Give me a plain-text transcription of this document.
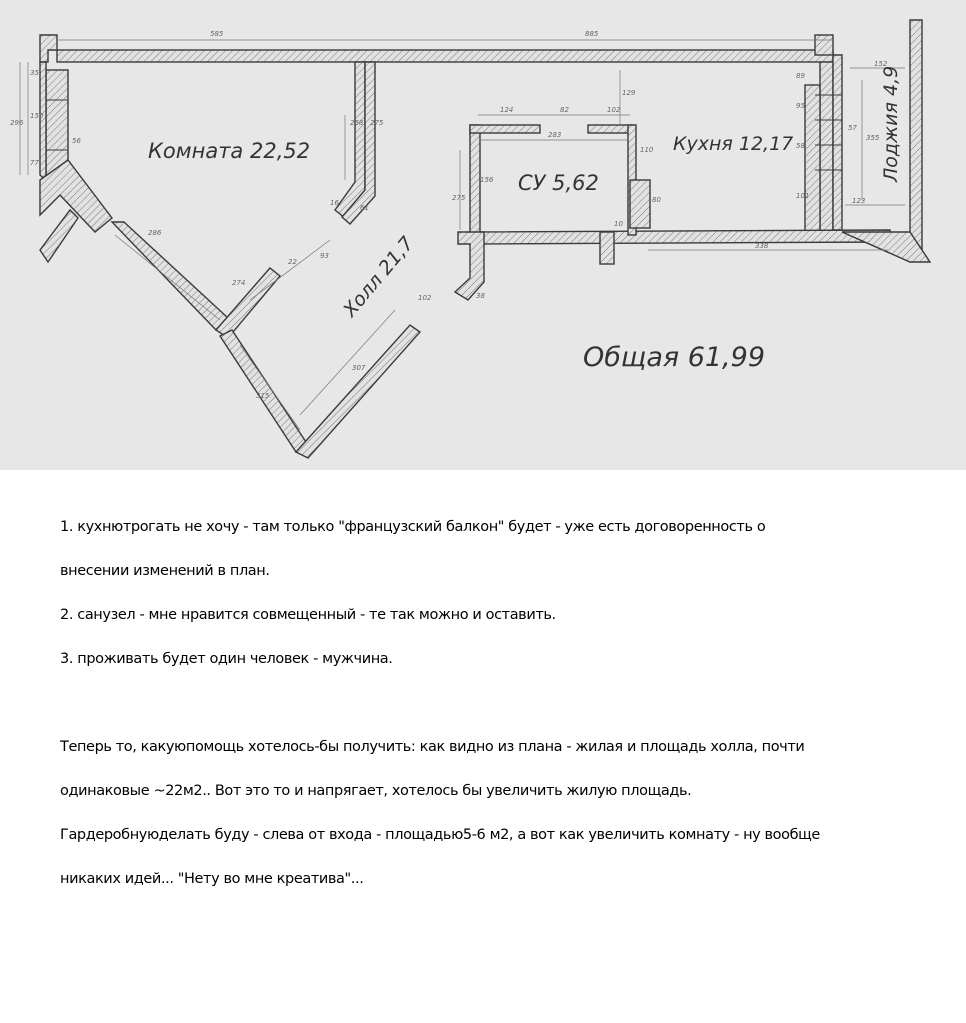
585	885
35
150
296
77
56
268 275
16
61
286
93
22
274
102
307
315
124	82	102
283
129
110
156
275	80
10
38
338
89
95
58
101
152
57
355
123
Комната 22,52
СУ 5,62
Кухня 12,17	Лоджия 4,9
Холл 21,7
Общая 61,99

1. кухнютрогать не хочу - там только "французский балкон" будет - уже есть договоренность о

внесении изменений в план.

2. санузел - мне нравится совмещенный - те так можно и оставить.

3. проживать будет один человек - мужчина.

Теперь то, какуюпомощь хотелось-бы получить: как видно из плана - жилая и площадь холла, почти

одинаковые ~22м2.. Вот это то и напрягает, хотелось бы увеличить жилую площадь.

Гардеробнуюделать буду - слева от входа - площадью5-6 м2, а вот как увеличить комнату - ну вообще

никаких идей... "Нету во мне креатива"...
